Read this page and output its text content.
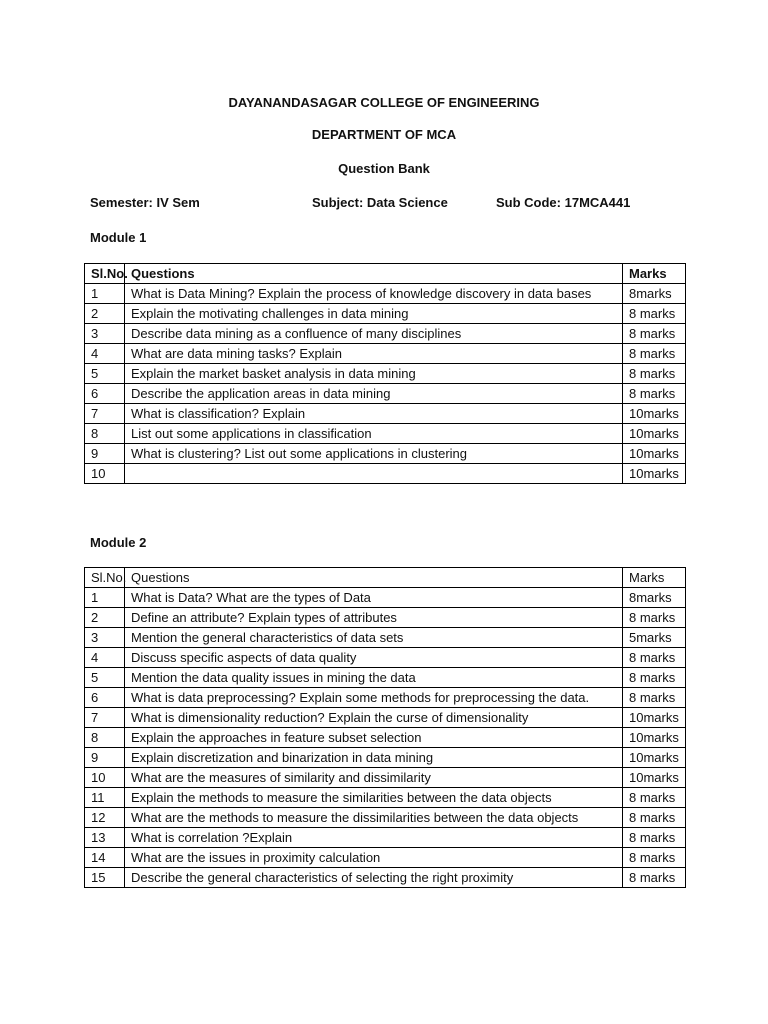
DAYANANDASAGAR COLLEGE OF ENGINEERING
DEPARTMENT OF MCA
Question Bank
Semester: IV Sem	Subject: Data Science	Sub Code: 17MCA441
Module 1
Sl.No.	Questions	Marks
1	What is Data Mining? Explain the process of knowledge discovery in data bases	8marks
2	Explain the motivating challenges in data mining	8 marks
3	Describe data mining as a confluence of many disciplines	8 marks
4	What are data mining tasks? Explain	8 marks
5	Explain the market basket analysis in data mining	8 marks
6	Describe the application areas in data mining	8 marks
7	What is classification? Explain	10marks
8	List out some applications in classification	10marks
9	What is clustering? List out some applications in clustering	10marks
10		10marks
Module 2
Sl.No.	Questions	Marks
1	What is Data? What are the types of Data	8marks
2	Define an attribute? Explain types of attributes	8 marks
3	Mention the general characteristics of data sets	5marks
4	Discuss specific aspects of data quality	8 marks
5	Mention the data quality issues in mining the data	8 marks
6	What is data preprocessing? Explain some methods for preprocessing the data.	8 marks
7	What is dimensionality reduction? Explain the curse of dimensionality	10marks
8	Explain the approaches in feature subset selection	10marks
9	Explain discretization and binarization in data mining	10marks
10	What are the measures of similarity and dissimilarity	10marks
11	Explain the methods to measure the similarities between the data objects	8 marks
12	What are the methods to measure the dissimilarities between the data objects	8 marks
13	What is correlation ?Explain	8 marks
14	What are the issues in proximity calculation	8 marks
15	Describe the general characteristics of selecting the right proximity	8 marks
